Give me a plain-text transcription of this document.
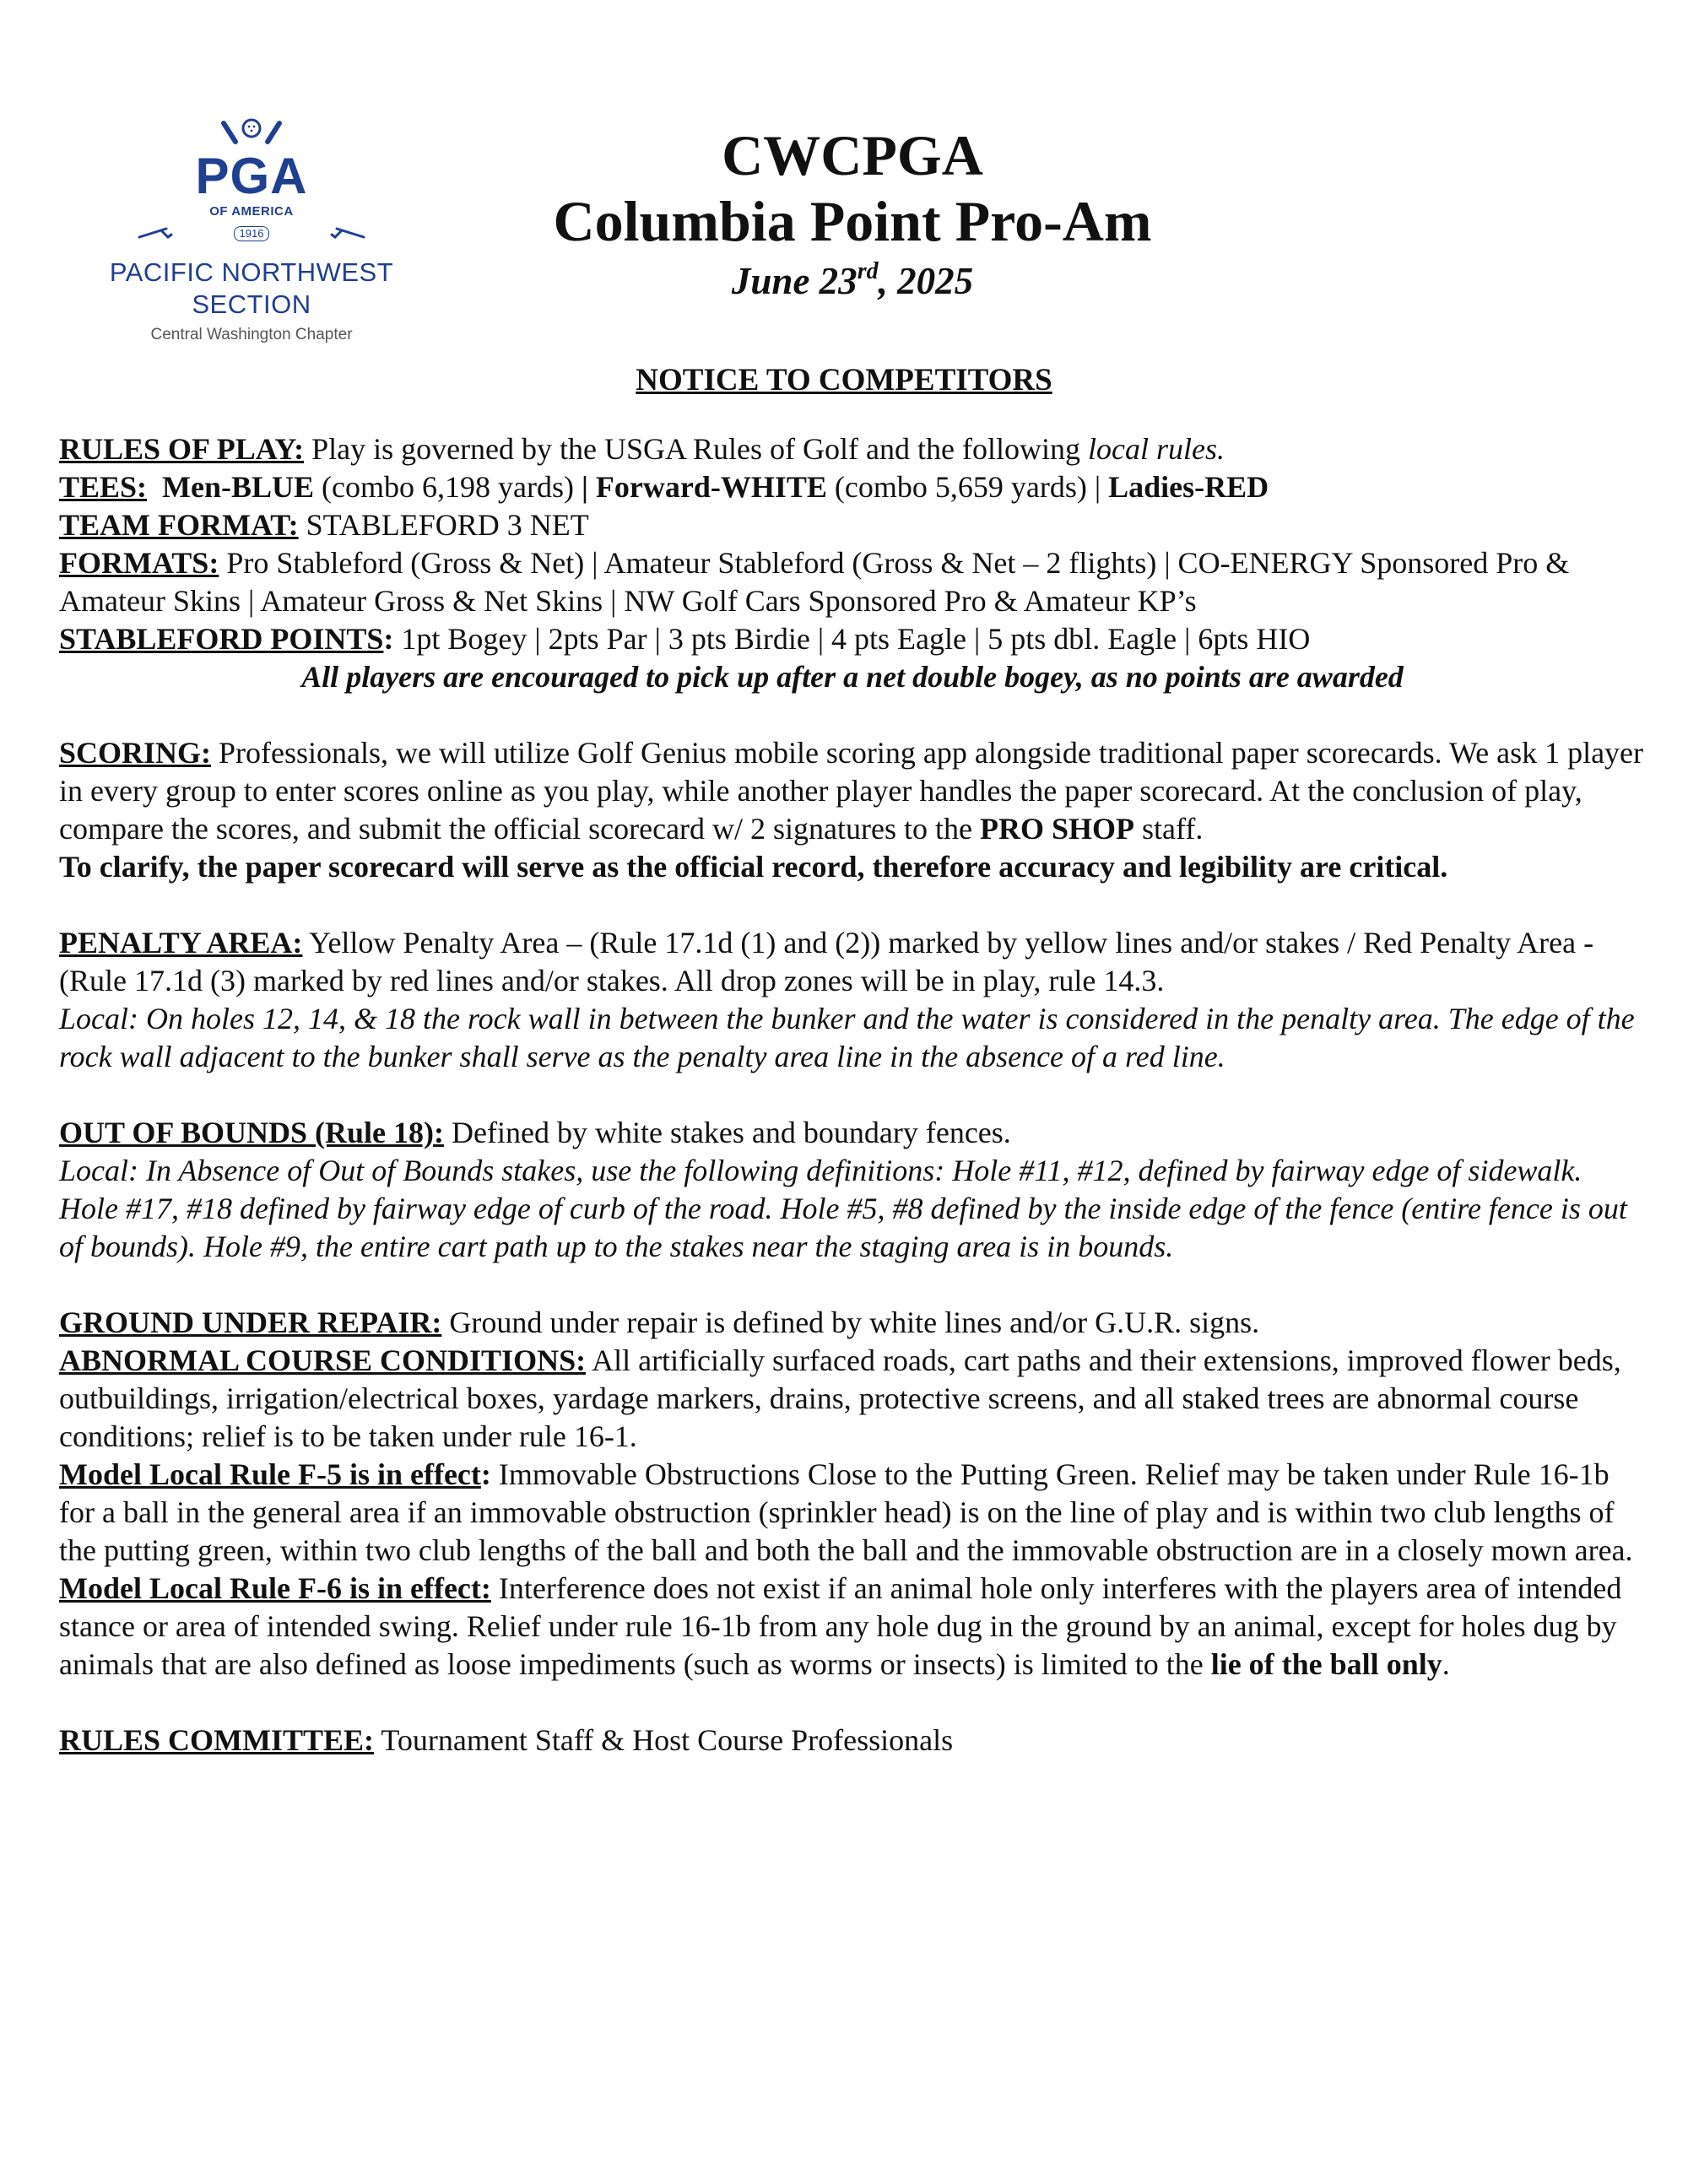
PGA
OF AMERICA
1916
PACIFIC NORTHWEST
SECTION
Central Washington Chapter
CWCPGA
Columbia Point Pro-Am
June 23rd, 2025
NOTICE TO COMPETITORS

RULES OF PLAY: Play is governed by the USGA Rules of Golf and the following local rules.

TEES: Men-BLUE (combo 6,198 yards) | Forward-WHITE (combo 5,659 yards) | Ladies-RED

TEAM FORMAT: STABLEFORD 3 NET

FORMATS: Pro Stableford (Gross & Net) | Amateur Stableford (Gross & Net – 2 flights) | CO-ENERGY Sponsored Pro & Amateur Skins | Amateur Gross & Net Skins | NW Golf Cars Sponsored Pro & Amateur KP’s

STABLEFORD POINTS: 1pt Bogey | 2pts Par | 3 pts Birdie | 4 pts Eagle | 5 pts dbl. Eagle | 6pts HIO

All players are encouraged to pick up after a net double bogey, as no points are awarded

SCORING: Professionals, we will utilize Golf Genius mobile scoring app alongside traditional paper scorecards. We ask 1 player in every group to enter scores online as you play, while another player handles the paper scorecard. At the conclusion of play, compare the scores, and submit the official scorecard w/ 2 signatures to the PRO SHOP staff.

To clarify, the paper scorecard will serve as the official record, therefore accuracy and legibility are critical.

PENALTY AREA: Yellow Penalty Area – (Rule 17.1d (1) and (2)) marked by yellow lines and/or stakes / Red Penalty Area - (Rule 17.1d (3) marked by red lines and/or stakes. All drop zones will be in play, rule 14.3.

Local: On holes 12, 14, & 18 the rock wall in between the bunker and the water is considered in the penalty area. The edge of the rock wall adjacent to the bunker shall serve as the penalty area line in the absence of a red line.

OUT OF BOUNDS (Rule 18): Defined by white stakes and boundary fences.

Local: In Absence of Out of Bounds stakes, use the following definitions: Hole #11, #12, defined by fairway edge of sidewalk. Hole #17, #18 defined by fairway edge of curb of the road. Hole #5, #8 defined by the inside edge of the fence (entire fence is out of bounds). Hole #9, the entire cart path up to the stakes near the staging area is in bounds.

GROUND UNDER REPAIR: Ground under repair is defined by white lines and/or G.U.R. signs.

ABNORMAL COURSE CONDITIONS: All artificially surfaced roads, cart paths and their extensions, improved flower beds, outbuildings, irrigation/electrical boxes, yardage markers, drains, protective screens, and all staked trees are abnormal course conditions; relief is to be taken under rule 16-1.

Model Local Rule F-5 is in effect: Immovable Obstructions Close to the Putting Green. Relief may be taken under Rule 16-1b for a ball in the general area if an immovable obstruction (sprinkler head) is on the line of play and is within two club lengths of the putting green, within two club lengths of the ball and both the ball and the immovable obstruction are in a closely mown area.

Model Local Rule F-6 is in effect: Interference does not exist if an animal hole only interferes with the players area of intended stance or area of intended swing. Relief under rule 16-1b from any hole dug in the ground by an animal, except for holes dug by animals that are also defined as loose impediments (such as worms or insects) is limited to the lie of the ball only.

RULES COMMITTEE: Tournament Staff & Host Course Professionals
